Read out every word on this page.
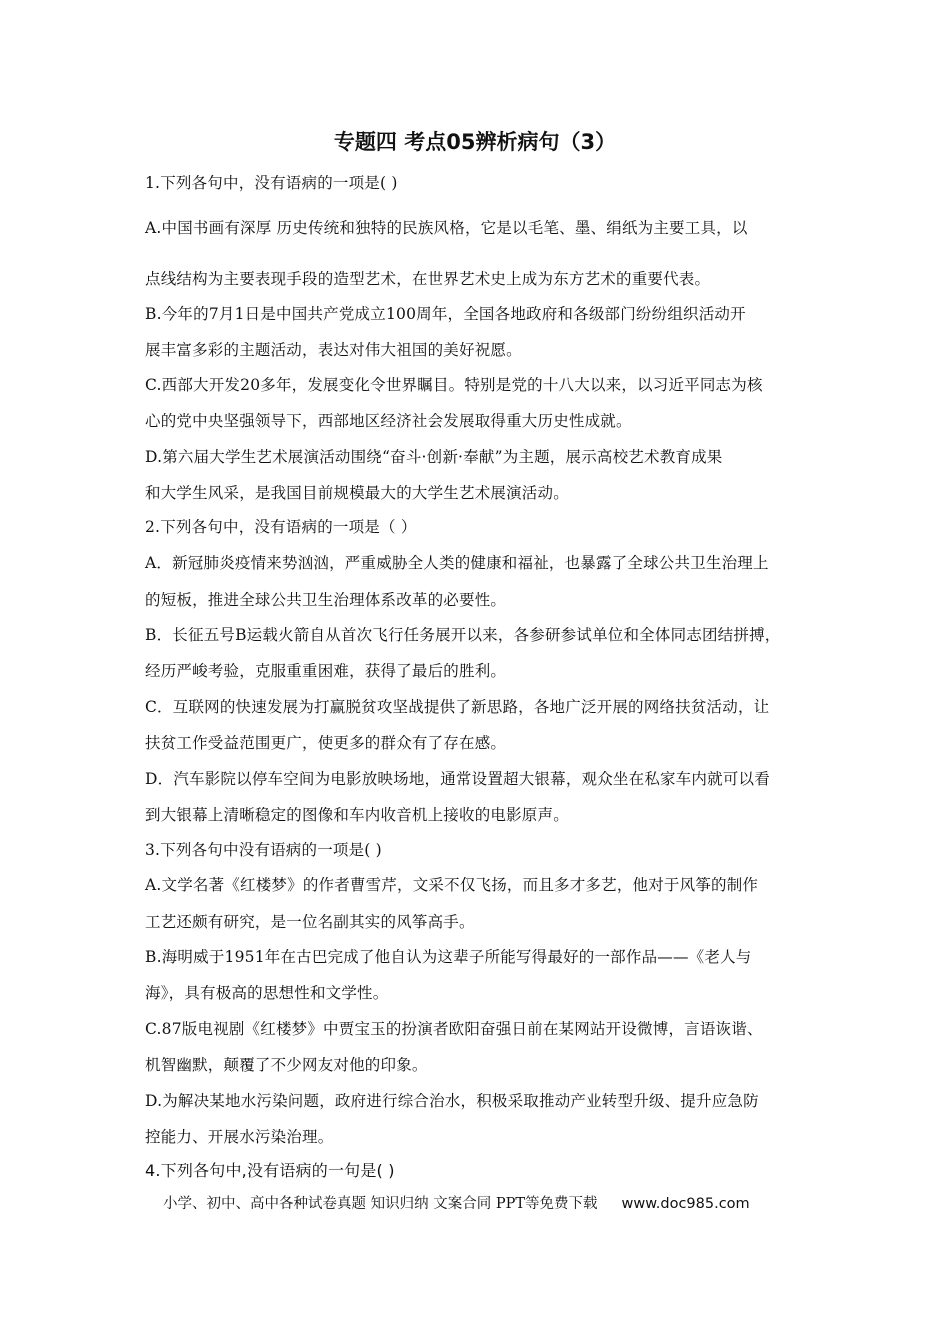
专题四 考点05辨析病句（3）
1.下列各句中，没有语病的一项是( )
A.中国书画有深厚 历史传统和独特的民族风格，它是以毛笔、墨、绢纸为主要工具，以
点线结构为主要表现手段的造型艺术，在世界艺术史上成为东方艺术的重要代表。
B.今年的7月1日是中国共产党成立100周年，全国各地政府和各级部门纷纷组织活动开
展丰富多彩的主题活动，表达对伟大祖国的美好祝愿。
C.西部大开发20多年，发展变化令世界瞩目。特别是党的十八大以来，以习近平同志为核
心的党中央坚强领导下，西部地区经济社会发展取得重大历史性成就。
D.第六届大学生艺术展演活动围绕“奋斗·创新·奉献”为主题，展示高校艺术教育成果
和大学生风采，是我国目前规模最大的大学生艺术展演活动。
2.下列各句中，没有语病的一项是（ ）
A．新冠肺炎疫情来势汹汹，严重威胁全人类的健康和福祉，也暴露了全球公共卫生治理上
的短板，推进全球公共卫生治理体系改革的必要性。
B．长征五号B运载火箭自从首次飞行任务展开以来，各参研参试单位和全体同志团结拼搏，
经历严峻考验，克服重重困难，获得了最后的胜利。
C．互联网的快速发展为打赢脱贫攻坚战提供了新思路，各地广泛开展的网络扶贫活动，让
扶贫工作受益范围更广，使更多的群众有了存在感。
D．汽车影院以停车空间为电影放映场地，通常设置超大银幕，观众坐在私家车内就可以看
到大银幕上清晰稳定的图像和车内收音机上接收的电影原声。
3.下列各句中没有语病的一项是( )
A.文学名著《红楼梦》的作者曹雪芹，文采不仅飞扬，而且多才多艺，他对于风筝的制作
工艺还颇有研究，是一位名副其实的风筝高手。
B.海明威于1951年在古巴完成了他自认为这辈子所能写得最好的一部作品——《老人与
海》，具有极高的思想性和文学性。
C.87版电视剧《红楼梦》中贾宝玉的扮演者欧阳奋强日前在某网站开设微博，言语诙谐、
机智幽默，颠覆了不少网友对他的印象。
D.为解决某地水污染问题，政府进行综合治水，积极采取推动产业转型升级、提升应急防
控能力、开展水污染治理。
4.下列各句中,没有语病的一句是( )
小学、初中、高中各种试卷真题 知识归纳 文案合同 PPT等免费下载 www.doc985.com
